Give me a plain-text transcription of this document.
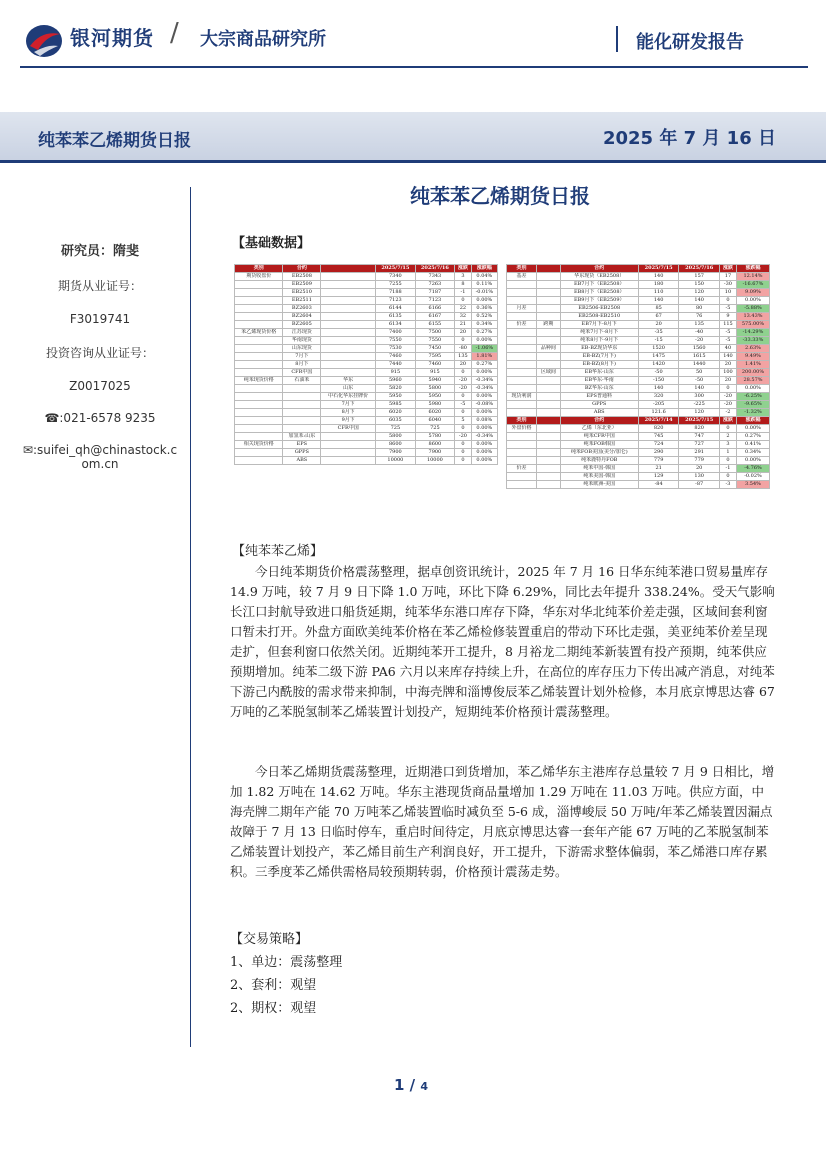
银河期货 / 大宗商品研究所	能化研发报告
纯苯苯乙烯期货日报	2025 年 7 月 16 日
研究员：隋斐
期货从业证号：
F3019741
投资咨询从业证号：
Z0017025
☎:021-6578 9235
✉:suifei_qh@chinastock.com.cn
纯苯苯乙烯期货日报
【基础数据】
类别	合约		2025/7/15	2025/7/16	涨跌	涨跌幅
期货收盘价	EB2508		7340	7343	3	0.04%
	EB2509		7255	7263	8	0.11%
	EB2510		7188	7187	-1	-0.01%
	EB2511		7123	7123	0	0.00%
	BZ2603		6144	6166	22	0.36%
	BZ2604		6135	6167	32	0.52%
	BZ2605		6134	6155	21	0.34%
苯乙烯现货价格	江苏现货		7400	7500	20	0.27%
	华南现货		7550	7550	0	0.00%
	山东现货		7530	7450	-80	-1.06%
	7月下		7460	7595	135	1.81%
	8月下		7440	7460	20	0.27%
	CFR中国		915	915	0	0.00%
纯苯现货价格	石油苯	华东	5960	5940	-20	-0.34%
		山东	5820	5800	-20	-0.34%
		中石化华东挂牌价	5950	5950	0	0.00%
		7月下	5985	5980	-5	-0.08%
		8月下	6020	6020	0	0.00%
		9月下	6035	6040	5	0.08%
		CFR中国	725	725	0	0.00%
	加氢苯:山东		5800	5780	-20	-0.34%
相关现货价格	EPS		8600	8600	0	0.00%
	GPPS		7900	7900	0	0.00%
	ABS		10000	10000	0	0.00%
类别		合约	2025/7/15	2025/7/16	涨跌	涨跌幅
基差		华东现货（EB2508）	140	157	17	12.14%
		EB7月下（EB2508）	180	150	-30	-16.67%
		EB8月下（EB2508）	110	120	10	9.09%
		EB9月下（EB2509）	140	140	0	0.00%
月差		EB2506-EB2508	85	80	-5	-5.88%
		EB2508-EB2510	67	76	9	13.43%
价差	跨期	EB7月下-8月下	20	135	115	575.00%
		纯苯7月下-8月下	-35	-40	-5	-14.29%
		纯苯8月下-9月下	-15	-20	-5	-33.33%
	品种间	EB-BZ现货华东	1520	1560	40	2.63%
		EB-BZ(7月下)	1475	1615	140	9.49%
		EB-BZ(8月下)	1420	1440	20	1.41%
	区域间	EB华东-山东	-50	50	100	200.00%
		EB华东-华南	-150	-50	20	28.57%
		BZ华东-山东	140	140	0	0.00%
现货利润		EPS普通料	320	300	-20	-6.25%
		GPPS	-205	-225	-20	-9.65%
		ABS	121.6	120	-2	-1.32%
类别		合约	2025/7/14	2025/7/15	涨跌	涨跌幅
外盘价格		乙烯（东北亚）	820	820	0	0.00%
		纯苯CFR中国	745	747	2	0.27%
		纯苯FOB韩国	724	727	3	0.41%
		纯苯FOB美国(美分/加仑)	290	291	1	0.34%
		纯苯鹿特丹FOB	779	779	0	0.00%
价差		纯苯中国-韩国	21	20	-1	-4.76%
		纯苯美国-韩国	129	130	0	-0.02%
		纯苯欧洲-美国	-84	-87	-3	3.54%
【纯苯苯乙烯】

今日纯苯期货价格震荡整理，据卓创资讯统计，2025 年 7 月 16 日华东纯苯港口贸易量库存 14.9 万吨，较 7 月 9 日下降 1.0 万吨，环比下降 6.29%，同比去年提升 338.24%。受天气影响长江口封航导致进口船货延期，纯苯华东港口库存下降，华东对华北纯苯价差走强，区域间套利窗口暂未打开。外盘方面欧美纯苯价格在苯乙烯检修装置重启的带动下环比走强，美亚纯苯价差呈现走扩，但套利窗口依然关闭。近期纯苯开工提升，8 月裕龙二期纯苯新装置有投产预期，纯苯供应预期增加。纯苯二级下游 PA6 六月以来库存持续上升，在高位的库存压力下传出减产消息，对纯苯下游己内酰胺的需求带来抑制，中海壳牌和淄博俊辰苯乙烯装置计划外检修，本月底京博思达睿 67 万吨的乙苯脱氢制苯乙烯装置计划投产，短期纯苯价格预计震荡整理。

今日苯乙烯期货震荡整理，近期港口到货增加，苯乙烯华东主港库存总量较 7 月 9 日相比，增加 1.82 万吨在 14.62 万吨。华东主港现货商品量增加 1.29 万吨在 11.03 万吨。供应方面，中海壳牌二期年产能 70 万吨苯乙烯装置临时减负至 5-6 成，淄博峻辰 50 万吨/年苯乙烯装置因漏点故障于 7 月 13 日临时停车，重启时间待定，月底京博思达睿一套年产能 67 万吨的乙苯脱氢制苯乙烯装置计划投产，苯乙烯目前生产利润良好，开工提升，下游需求整体偏弱，苯乙烯港口库存累积。三季度苯乙烯供需格局较预期转弱，价格预计震荡走势。

【交易策略】
1、单边：震荡整理
2、套利：观望
2、期权：观望
1 / 4
